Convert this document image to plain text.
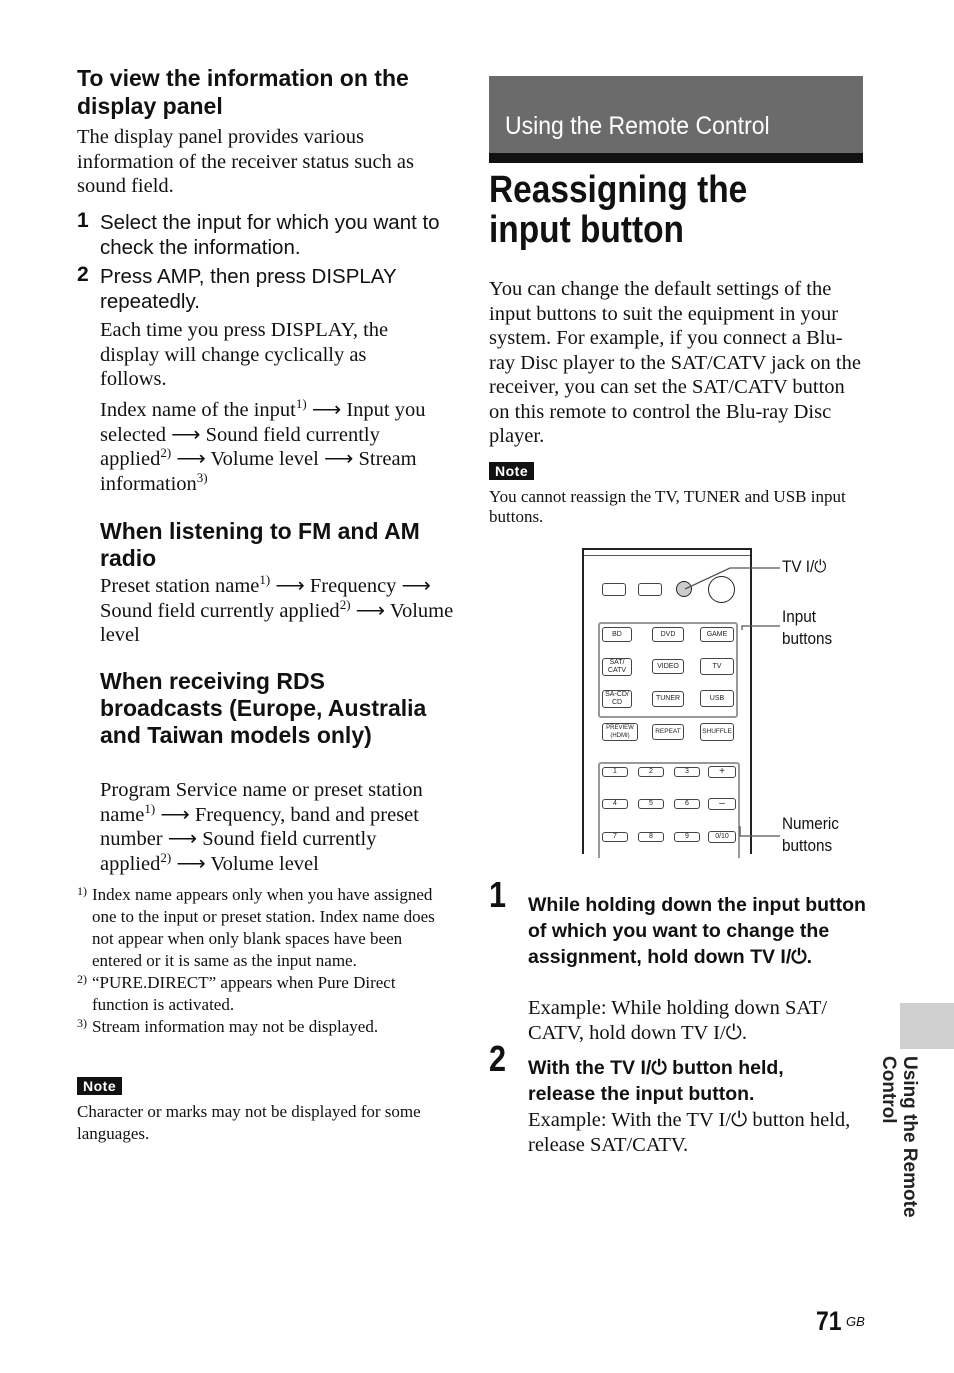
To view the information on the display panel
The display panel provides various information of the receiver status such as sound field.
1 Select the input for which you want to check the information.
2 Press AMP, then press DISPLAY repeatedly.
Each time you press DISPLAY, the display will change cyclically as follows.
Index name of the input$^{1)}$ ⟶ Input you selected ⟶ Sound field currently applied$^{2)}$ ⟶ Volume level ⟶ Stream information$^{3)}$
When listening to FM and AM radio
Preset station name$^{1)}$ ⟶ Frequency ⟶ Sound field currently applied$^{2)}$ ⟶ Volume level
When receiving RDS broadcasts (Europe, Australia and Taiwan models only)
Program Service name or preset station name$^{1)}$ ⟶ Frequency, band and preset number ⟶ Sound field currently applied$^{2)}$ ⟶ Volume level
1) Index name appears only when you have assigned one to the input or preset station. Index name does not appear when only blank spaces have been entered or it is same as the input name.
2) “PURE.DIRECT” appears when Pure Direct function is activated.
3) Stream information may not be displayed.
Note
Character or marks may not be displayed for some languages.
Using the Remote Control
Reassigning the input button
You can change the default settings of the input buttons to suit the equipment in your system. For example, if you connect a Blu-ray Disc player to the SAT/CATV jack on the receiver, you can set the SAT/CATV button on this remote to control the Blu-ray Disc player.
Note
You cannot reassign the TV, TUNER and USB input buttons.
BD	DVD	GAME
SAT/ CATV
VIDEO	TV
SA-CD/ CD
TUNER	USB
PREVIEW (HDMI)
REPEAT	SHUFFLE
1	2	3	+
4	5	6	–
7	8	9	0/10
TV I/⏻
Input buttons
Numeric buttons
1 While holding down the input button of which you want to change the assignment, hold down TV I/⏻.
Example: While holding down SAT/ CATV, hold down TV I/⏻.
2 With the TV I/⏻ button held, release the input button.
Example: With the TV I/⏻ button held, release SAT/CATV.	Using the Remote Control
71 GB
